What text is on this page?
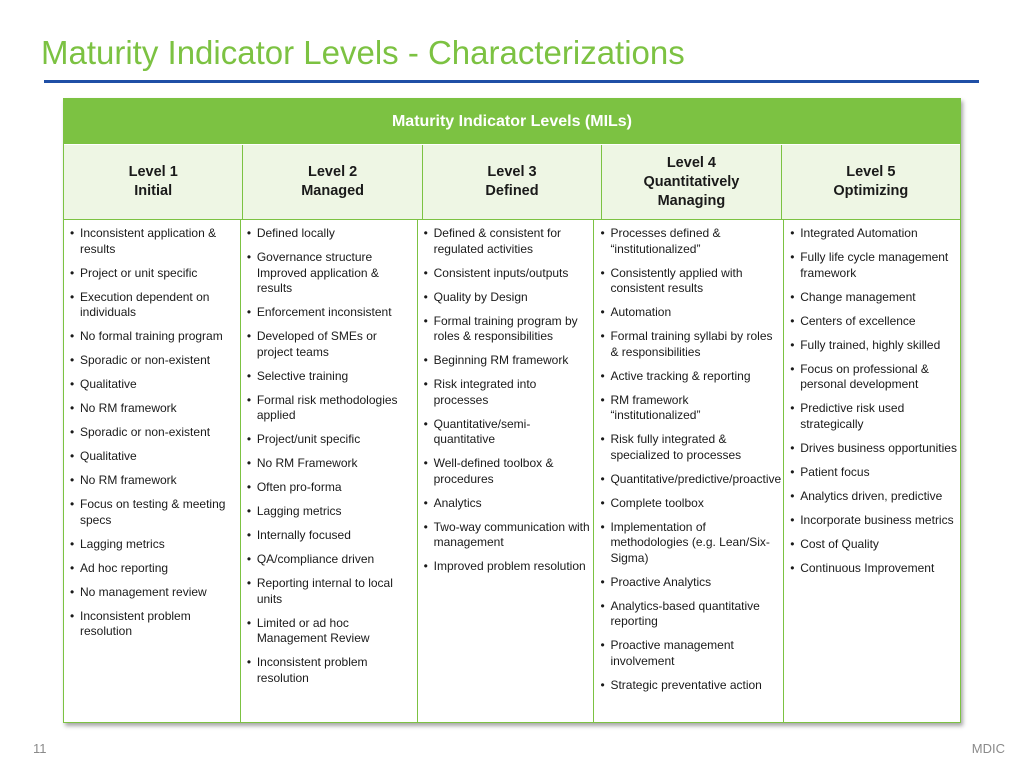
Maturity Indicator Levels - Characterizations
Maturity Indicator Levels (MILs)
Level 1
Initial
Level 2
Managed
Level 3
Defined
Level 4
Quantitatively
Managing
Level 5
Optimizing
• Inconsistent application & results
• Project or unit specific
• Execution dependent on individuals
• No formal training program
• Sporadic or non-existent
• Qualitative
• No RM framework
• Sporadic or non-existent
• Qualitative
• No RM framework
• Focus on testing & meeting specs
• Lagging metrics
• Ad hoc reporting
• No management review
• Inconsistent problem resolution
• Defined locally
• Governance structure Improved application & results
• Enforcement inconsistent
• Developed of SMEs or project teams
• Selective training
• Formal risk methodologies applied
• Project/unit specific
• No RM Framework
• Often pro-forma
• Lagging metrics
• Internally focused
• QA/compliance driven
• Reporting internal to local units
• Limited or ad hoc Management Review
• Inconsistent problem resolution
• Defined & consistent for regulated activities
• Consistent inputs/outputs
• Quality by Design
• Formal training program by roles & responsibilities
• Beginning RM framework
• Risk integrated into processes
• Quantitative/semi-quantitative
• Well-defined toolbox & procedures
• Analytics
• Two-way communication with management
• Improved problem resolution
• Processes defined & “institutionalized”
• Consistently applied with consistent results
• Automation
• Formal training syllabi by roles & responsibilities
• Active tracking & reporting
• RM framework “institutionalized”
• Risk fully integrated & specialized to processes
• Quantitative/predictive/proactive
• Complete toolbox
• Implementation of methodologies (e.g. Lean/Six-Sigma)
• Proactive Analytics
• Analytics-based quantitative reporting
• Proactive management involvement
• Strategic preventative action
• Integrated Automation
• Fully life cycle management framework
• Change management
• Centers of excellence
• Fully trained, highly skilled
• Focus on professional & personal development
• Predictive risk used strategically
• Drives business opportunities
• Patient focus
• Analytics driven, predictive
• Incorporate business metrics
• Cost of Quality
• Continuous Improvement
11	MDIC
